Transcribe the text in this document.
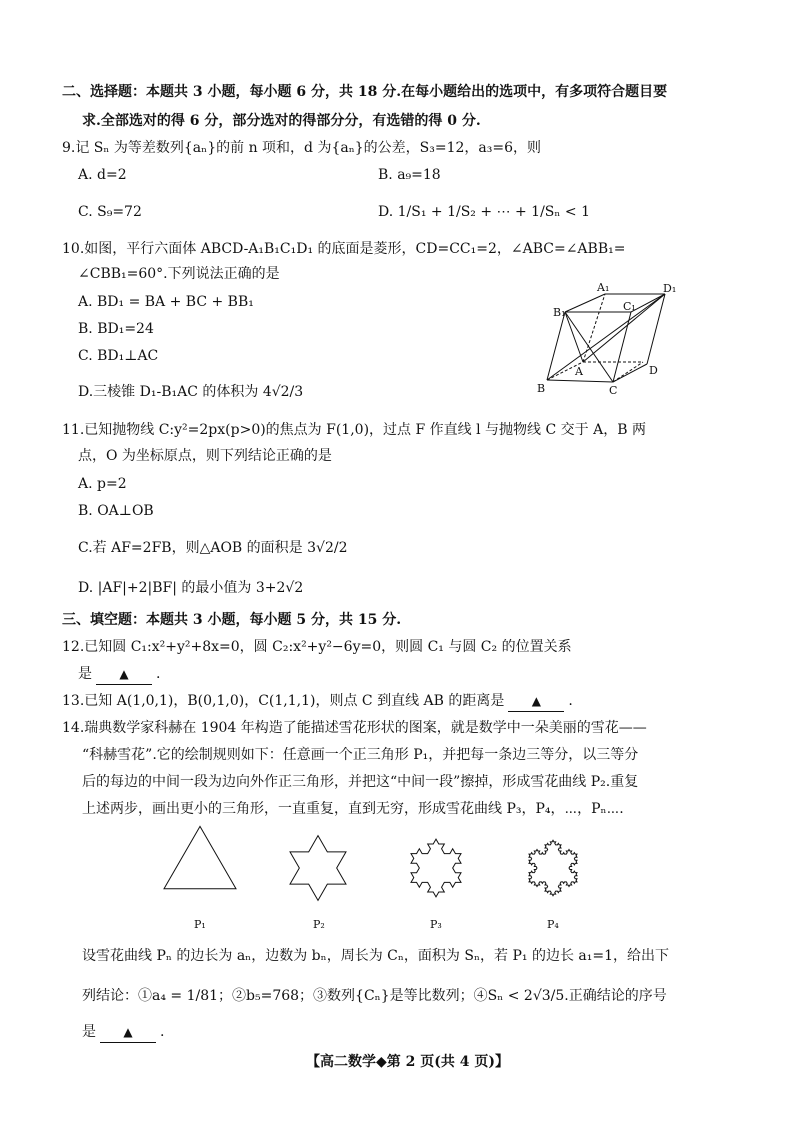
二、选择题：本题共 3 小题，每小题 6 分，共 18 分.在每小题给出的选项中，有多项符合题目要
求.全部选对的得 6 分，部分选对的得部分分，有选错的得 0 分.
9.记 Sₙ 为等差数列{aₙ}的前 n 项和，d 为{aₙ}的公差，S₃=12，a₃=6，则
A. d=2	B. a₉=18
C. S₉=72	D. 1/S₁ + 1/S₂ + ⋯ + 1/Sₙ < 1
10.如图，平行六面体 ABCD-A₁B₁C₁D₁ 的底面是菱形，CD=CC₁=2，∠ABC=∠ABB₁=
∠CBB₁=60°.下列说法正确的是
A. BD₁ = BA + BC + BB₁
B. BD₁=24
C. BD₁⊥AC
D.三棱锥 D₁-B₁AC 的体积为 4√2/3
A₁	D₁
B₁	C₁
A
B	C
D
11.已知抛物线 C:y²=2px(p>0)的焦点为 F(1,0)，过点 F 作直线 l 与抛物线 C 交于 A，B 两
点，O 为坐标原点，则下列结论正确的是
A. p=2
B. OA⊥OB
C.若 AF=2FB，则△AOB 的面积是 3√2/2
D. |AF|+2|BF| 的最小值为 3+2√2
三、填空题：本题共 3 小题，每小题 5 分，共 15 分.
12.已知圆 C₁:x²+y²+8x=0，圆 C₂:x²+y²−6y=0，则圆 C₁ 与圆 C₂ 的位置关系
是 ▲ .
13.已知 A(1,0,1)，B(0,1,0)，C(1,1,1)，则点 C 到直线 AB 的距离是 ▲ .
14.瑞典数学家科赫在 1904 年构造了能描述雪花形状的图案，就是数学中一朵美丽的雪花——
“科赫雪花”.它的绘制规则如下：任意画一个正三角形 P₁，并把每一条边三等分，以三等分
后的每边的中间一段为边向外作正三角形，并把这“中间一段”擦掉，形成雪花曲线 P₂.重复
上述两步，画出更小的三角形，一直重复，直到无穷，形成雪花曲线 P₃，P₄，⋯，Pₙ⋯.
P₁	P₂	P₃	P₄
设雪花曲线 Pₙ 的边长为 aₙ，边数为 bₙ，周长为 Cₙ，面积为 Sₙ，若 P₁ 的边长 a₁=1，给出下
列结论：①a₄ = 1/81；②b₅=768；③数列{Cₙ}是等比数列；④Sₙ < 2√3/5.正确结论的序号
是 ▲ .
【高二数学◆第 2 页(共 4 页)】
